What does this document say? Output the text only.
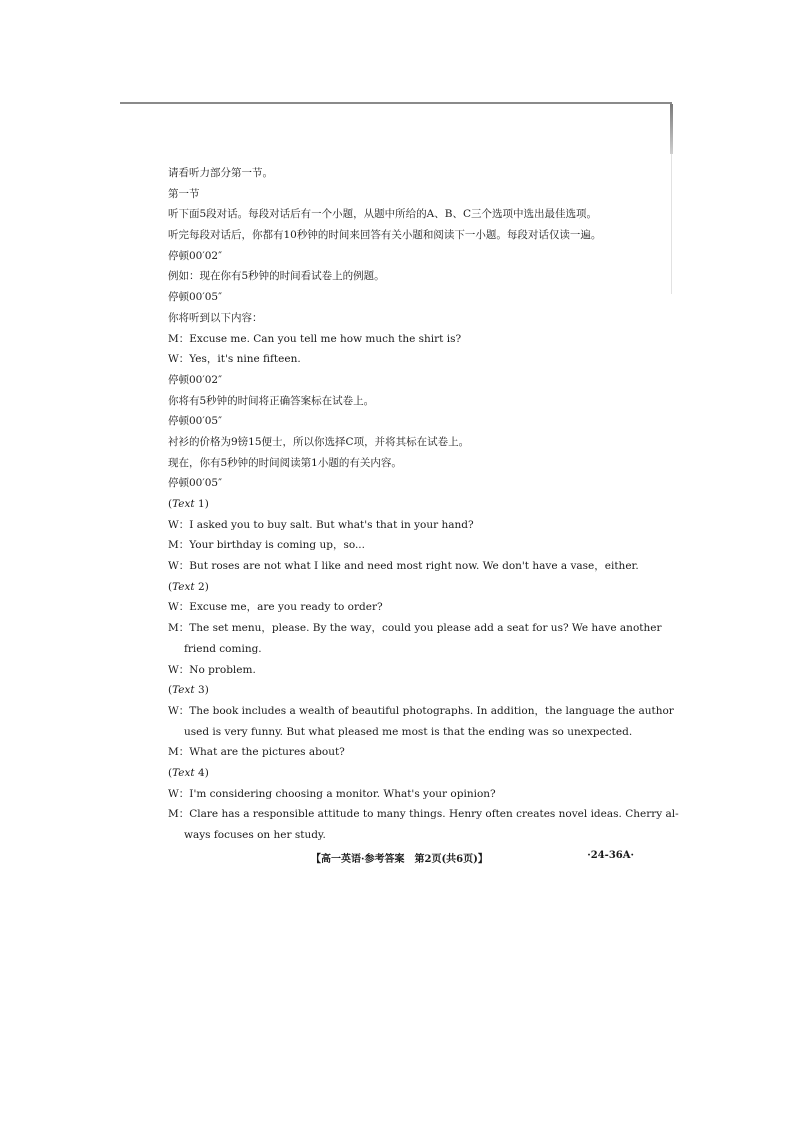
请看听力部分第一节。
第一节
听下面5段对话。每段对话后有一个小题，从题中所给的A、B、C三个选项中选出最佳选项。
听完每段对话后，你都有10秒钟的时间来回答有关小题和阅读下一小题。每段对话仅读一遍。
停顿00′02″
例如：现在你有5秒钟的时间看试卷上的例题。
停顿00′05″
你将听到以下内容：
M：Excuse me. Can you tell me how much the shirt is?
W：Yes，it's nine fifteen.
停顿00′02″
你将有5秒钟的时间将正确答案标在试卷上。
停顿00′05″
衬衫的价格为9镑15便士，所以你选择C项，并将其标在试卷上。
现在，你有5秒钟的时间阅读第1小题的有关内容。
停顿00′05″
(Text 1)
W：I asked you to buy salt. But what's that in your hand?
M：Your birthday is coming up，so...
W：But roses are not what I like and need most right now. We don't have a vase，either.
(Text 2)
W：Excuse me，are you ready to order?
M：The set menu，please. By the way，could you please add a seat for us? We have another
friend coming.
W：No problem.
(Text 3)
W：The book includes a wealth of beautiful photographs. In addition，the language the author
used is very funny. But what pleased me most is that the ending was so unexpected.
M：What are the pictures about?
(Text 4)
W：I'm considering choosing a monitor. What's your opinion?
M：Clare has a responsible attitude to many things. Henry often creates novel ideas. Cherry al-
ways focuses on her study.
【高一英语·参考答案　第2页(共6页)】	·24-36A·
